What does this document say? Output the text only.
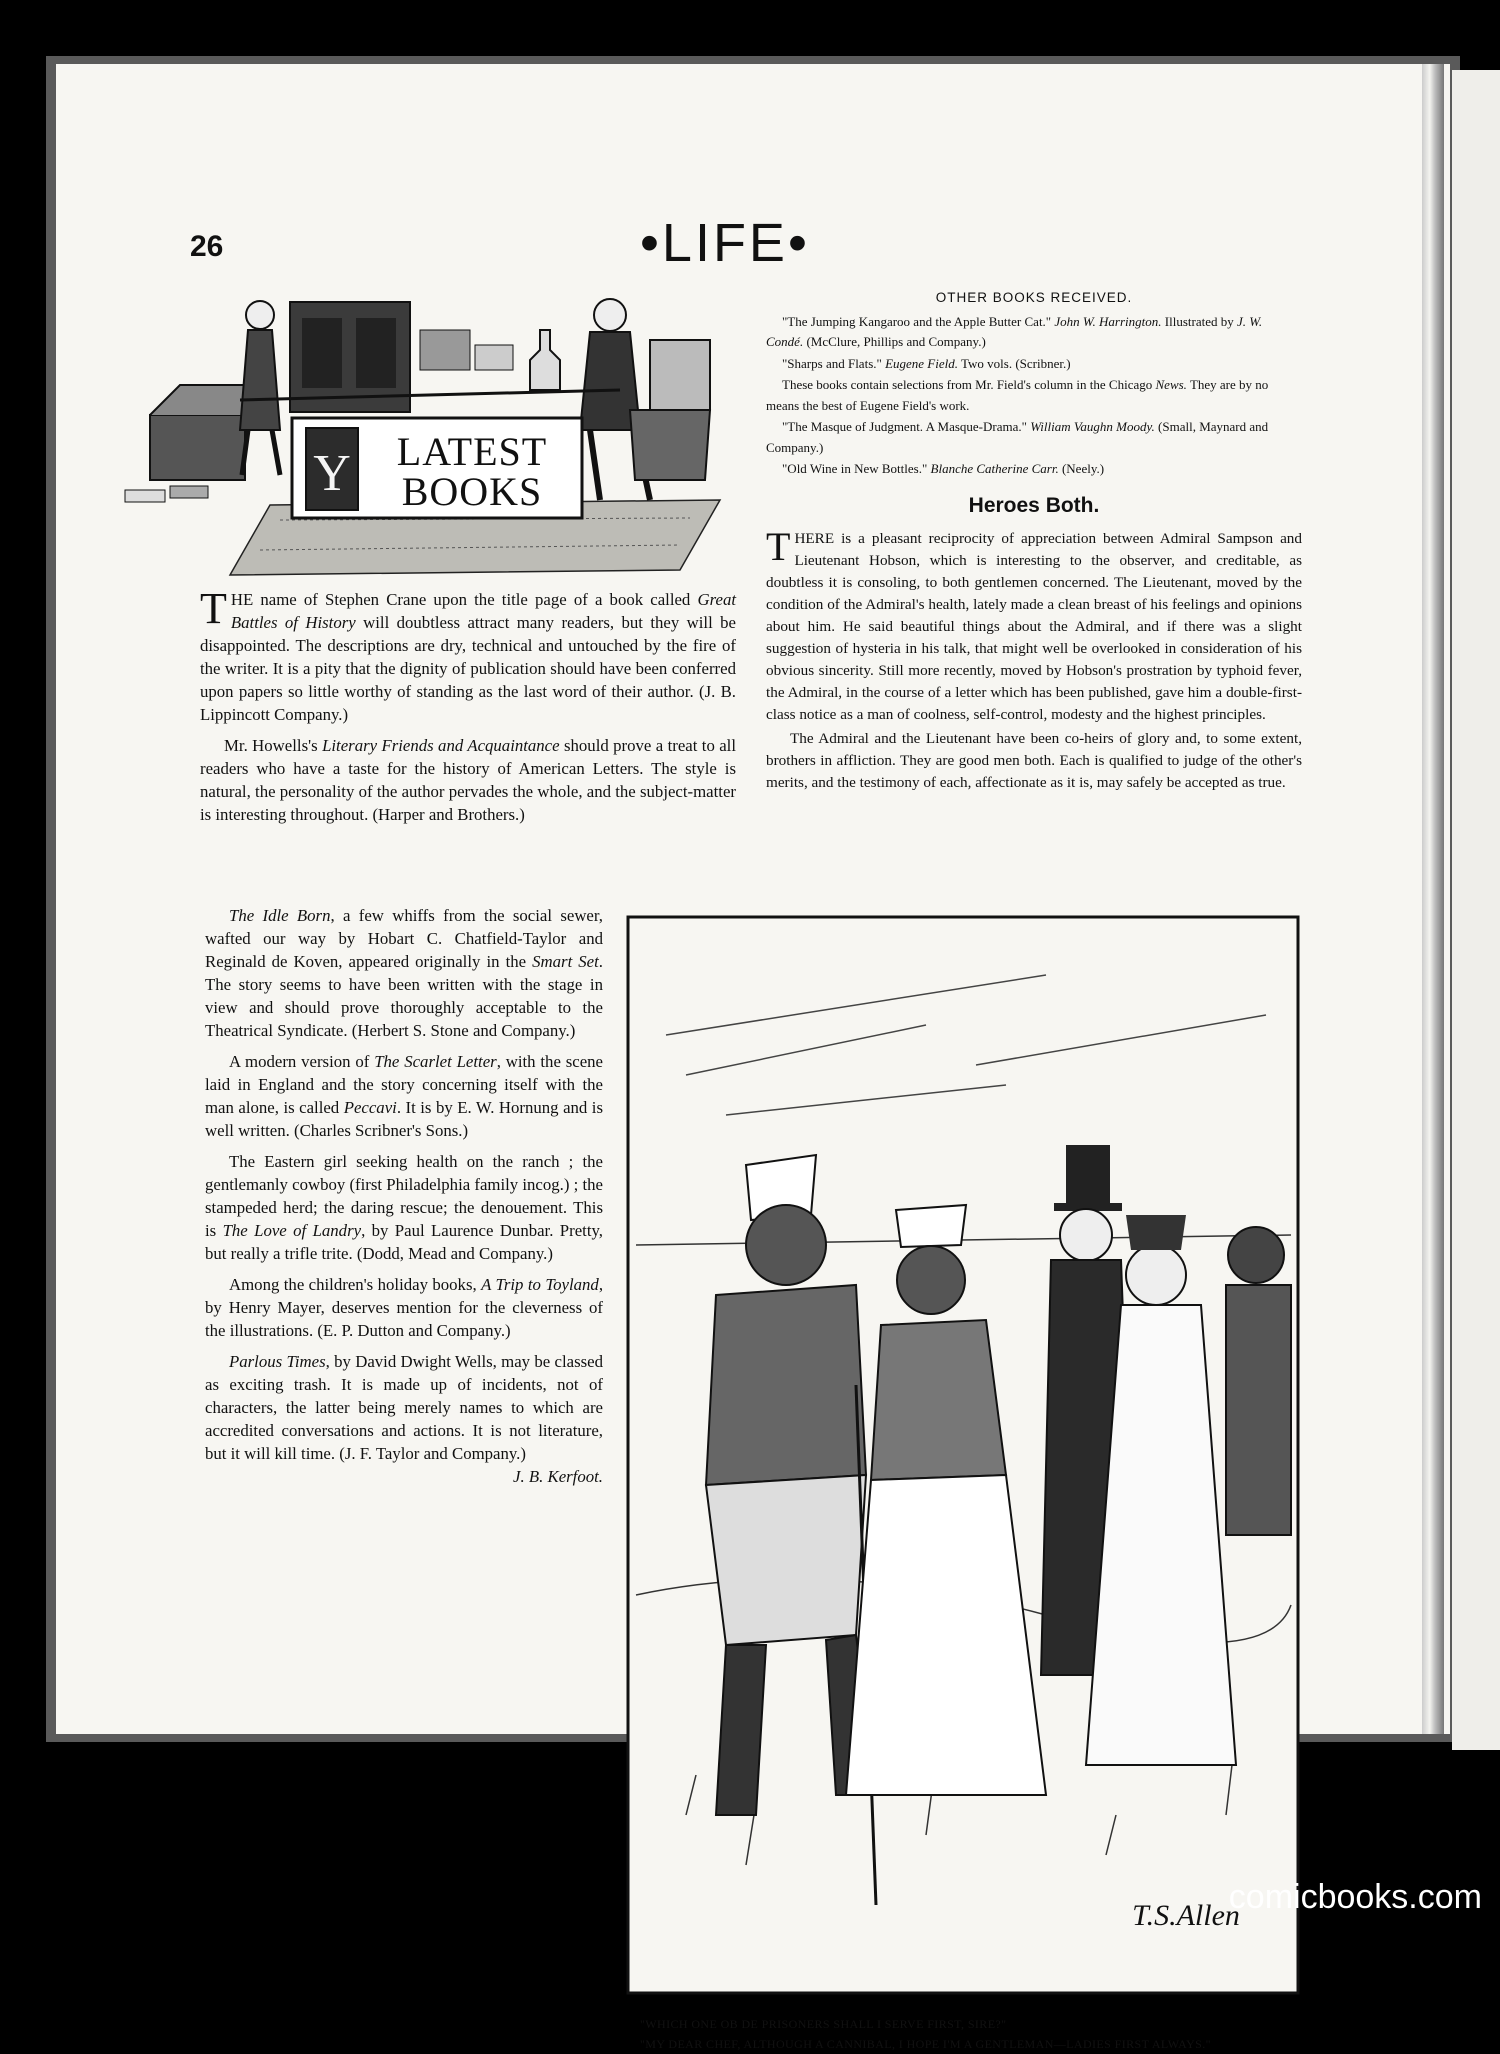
26	•LIFE•
Y LATEST
BOOKS

THE name of Stephen Crane upon the title page of a book called Great Battles of History will doubtless attract many readers, but they will be disappointed. The descriptions are dry, technical and untouched by the fire of the writer. It is a pity that the dignity of publication should have been conferred upon papers so little worthy of standing as the last word of their author. (J. B. Lippincott Company.)

Mr. Howells's Literary Friends and Acquaintance should prove a treat to all readers who have a taste for the history of American Letters. The style is natural, the personality of the author pervades the whole, and the subject-matter is interesting throughout. (Harper and Brothers.)

The Idle Born, a few whiffs from the social sewer, wafted our way by Hobart C. Chatfield-Taylor and Reginald de Koven, appeared originally in the Smart Set. The story seems to have been written with the stage in view and should prove thoroughly acceptable to the Theatrical Syndicate. (Herbert S. Stone and Company.)

A modern version of The Scarlet Letter, with the scene laid in England and the story concerning itself with the man alone, is called Peccavi. It is by E. W. Hornung and is well written. (Charles Scribner's Sons.)

The Eastern girl seeking health on the ranch ; the gentlemanly cowboy (first Philadelphia family incog.) ; the stampeded herd; the daring rescue; the denouement. This is The Love of Landry, by Paul Laurence Dunbar. Pretty, but really a trifle trite. (Dodd, Mead and Company.)

Among the children's holiday books, A Trip to Toyland, by Henry Mayer, deserves mention for the cleverness of the illustrations. (E. P. Dutton and Company.)

Parlous Times, by David Dwight Wells, may be classed as exciting trash. It is made up of incidents, not of characters, the latter being merely names to which are accredited conversations and actions. It is not literature, but it will kill time. (J. F. Taylor and Company.)
J. B. Kerfoot.

OTHER BOOKS RECEIVED.

"The Jumping Kangaroo and the Apple Butter Cat." John W. Harrington. Illustrated by J. W. Condé. (McClure, Phillips and Company.)

"Sharps and Flats." Eugene Field. Two vols. (Scribner.)

These books contain selections from Mr. Field's column in the Chicago News. They are by no means the best of Eugene Field's work.

"The Masque of Judgment. A Masque-Drama." William Vaughn Moody. (Small, Maynard and Company.)

"Old Wine in New Bottles." Blanche Catherine Carr. (Neely.)

Heroes Both.

THERE is a pleasant reciprocity of appreciation between Admiral Sampson and Lieutenant Hobson, which is interesting to the observer, and creditable, as doubtless it is consoling, to both gentlemen concerned. The Lieutenant, moved by the condition of the Admiral's health, lately made a clean breast of his feelings and opinions about him. He said beautiful things about the Admiral, and if there was a slight suggestion of hysteria in his talk, that might well be overlooked in consideration of his obvious sincerity. Still more recently, moved by Hobson's prostration by typhoid fever, the Admiral, in the course of a letter which has been published, gave him a double-first-class notice as a man of coolness, self-control, modesty and the highest principles.

The Admiral and the Lieutenant have been co-heirs of glory and, to some extent, brothers in affliction. They are good men both. Each is qualified to judge of the other's merits, and the testimony of each, affectionate as it is, may safely be accepted as true.

T.S.Allen
"WHICH ONE OB DE PRISONERS SHALL I SERVE FIRST, SIRE?"
"MY DEAR CHEF, ALTHOUGH A CANNIBAL, I HOPE I'M A GENTLEMAN—LADIES FIRST ALWAYS."
comicbooks.com
